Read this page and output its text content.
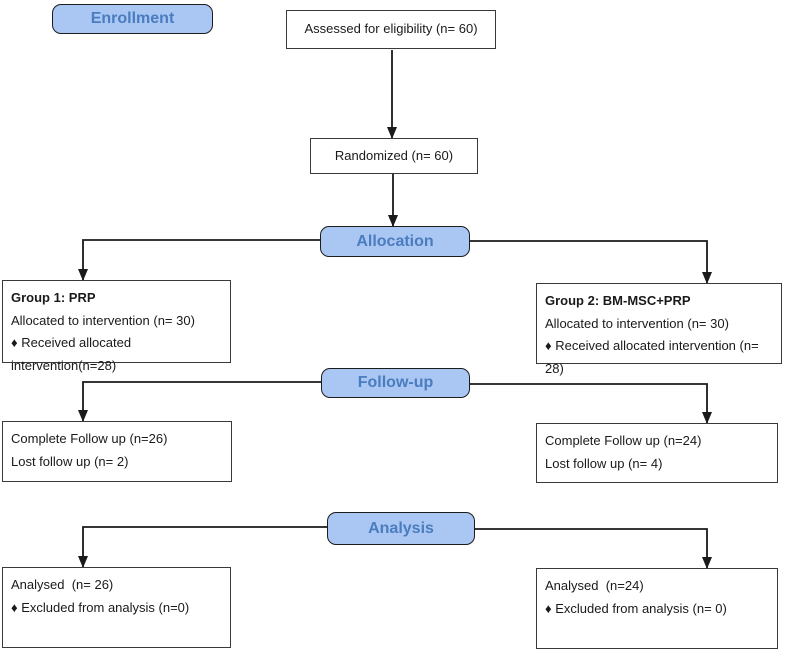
Enrollment
Allocation
Follow-up
Analysis
Assessed for eligibility (n= 60)
Randomized (n= 60)
Group 1: PRP
Allocated to intervention (n= 30)
♦ Received allocated intervention(n=28)
Group 2: BM-MSC+PRP
Allocated to intervention (n= 30)
♦ Received allocated intervention (n= 28)
Complete Follow up (n=26)
Lost follow up (n= 2)
Complete Follow up (n=24)
Lost follow up (n= 4)
Analysed  (n= 26)
♦ Excluded from analysis (n=0)
Analysed  (n=24)
♦ Excluded from analysis (n= 0)
